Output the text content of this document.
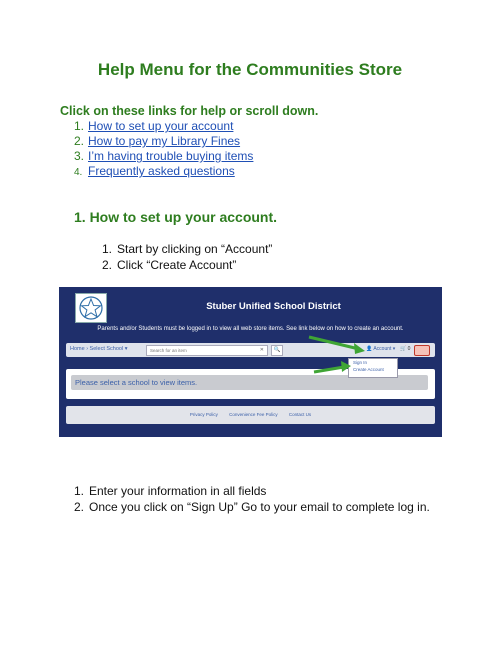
Help Menu for the Communities Store

Click on these links for help or scroll down.

1. How to set up your account
2. How to pay my Library Fines
3. I’m having trouble buying items
4. Frequently asked questions
1. How to set up your account.
1. Start by clicking on “Account”
2. Click “Create Account”
Stuber Unified School District
Parents and/or Students must be logged in to view all web store items. See link below on how to create an account.
Home › Select School ▾
Search for an item	✕	🔍	👤 Account ▾ 🛒 0
Please select a school to view items.
Sign In
Create Account
Privacy Policy	Convenience Fee Policy	Contact Us
1. Enter your information in all fields
2. Once you click on “Sign Up” Go to your email to complete log in.
